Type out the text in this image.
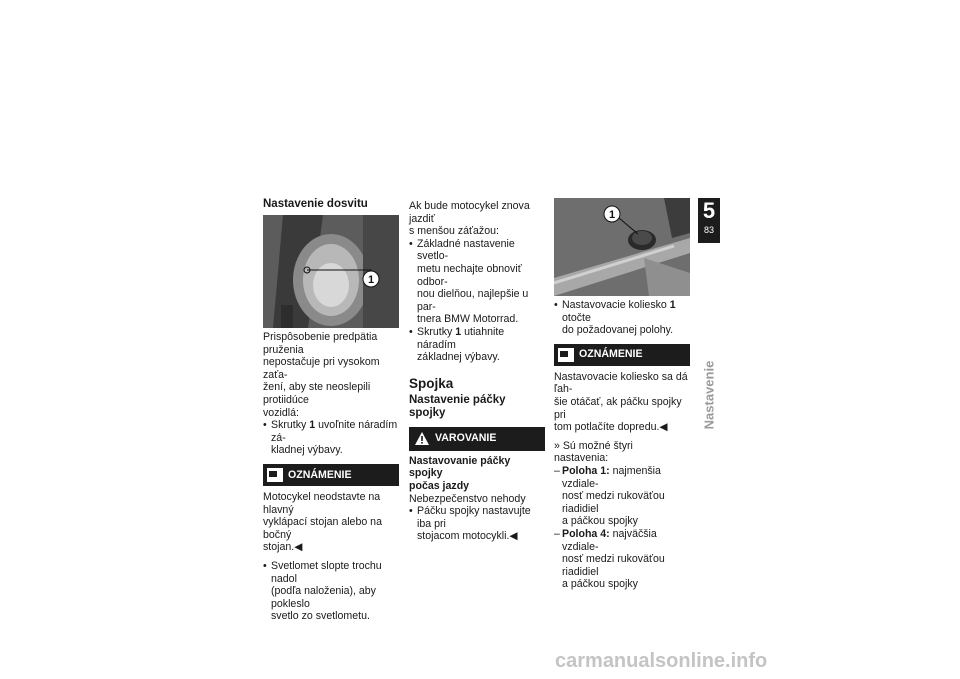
Nastavenie dosvitu
1

Prispôsobenie predpätia pruženia
nepostačuje pri vysokom zaťa-
žení, aby ste neoslepili protiidúce
vozidlá:

• Skrutky 1 uvoľnite náradím zá-
kladnej výbavy.
OZNÁMENIE

Motocykel neodstavte na hlavný
vyklápací stojan alebo na bočný
stojan.◀

• Svetlomet slopte trochu nadol
(podľa naloženia), aby pokleslo
svetlo zo svetlometu.

Ak bude motocykel znova jazdiť
s menšou záťažou:

• Základné nastavenie svetlo-
metu nechajte obnoviť odbor-
nou dielňou, najlepšie u par-
tnera BMW Motorrad.
• Skrutky 1 utiahnite náradím
základnej výbavy.
Spojka
Nastavenie páčky spojky
VAROVANIE

Nastavovanie páčky spojky
počas jazdy

Nebezpečenstvo nehody

• Páčku spojky nastavujte iba pri
stojacom motocykli.◀
1
• Nastavovacie koliesko 1 otočte
do požadovanej polohy.
OZNÁMENIE

Nastavovacie koliesko sa dá ľah-
šie otáčať, ak páčku spojky pri
tom potlačíte dopredu.◀

» Sú možné štyri nastavenia:

– Poloha 1: najmenšia vzdiale-
nosť medzi rukoväťou riadidiel
a páčkou spojky
– Poloha 4: najväčšia vzdiale-
nosť medzi rukoväťou riadidiel
a páčkou spojky
5
83
Nastavenie
carmanualsonline.info
